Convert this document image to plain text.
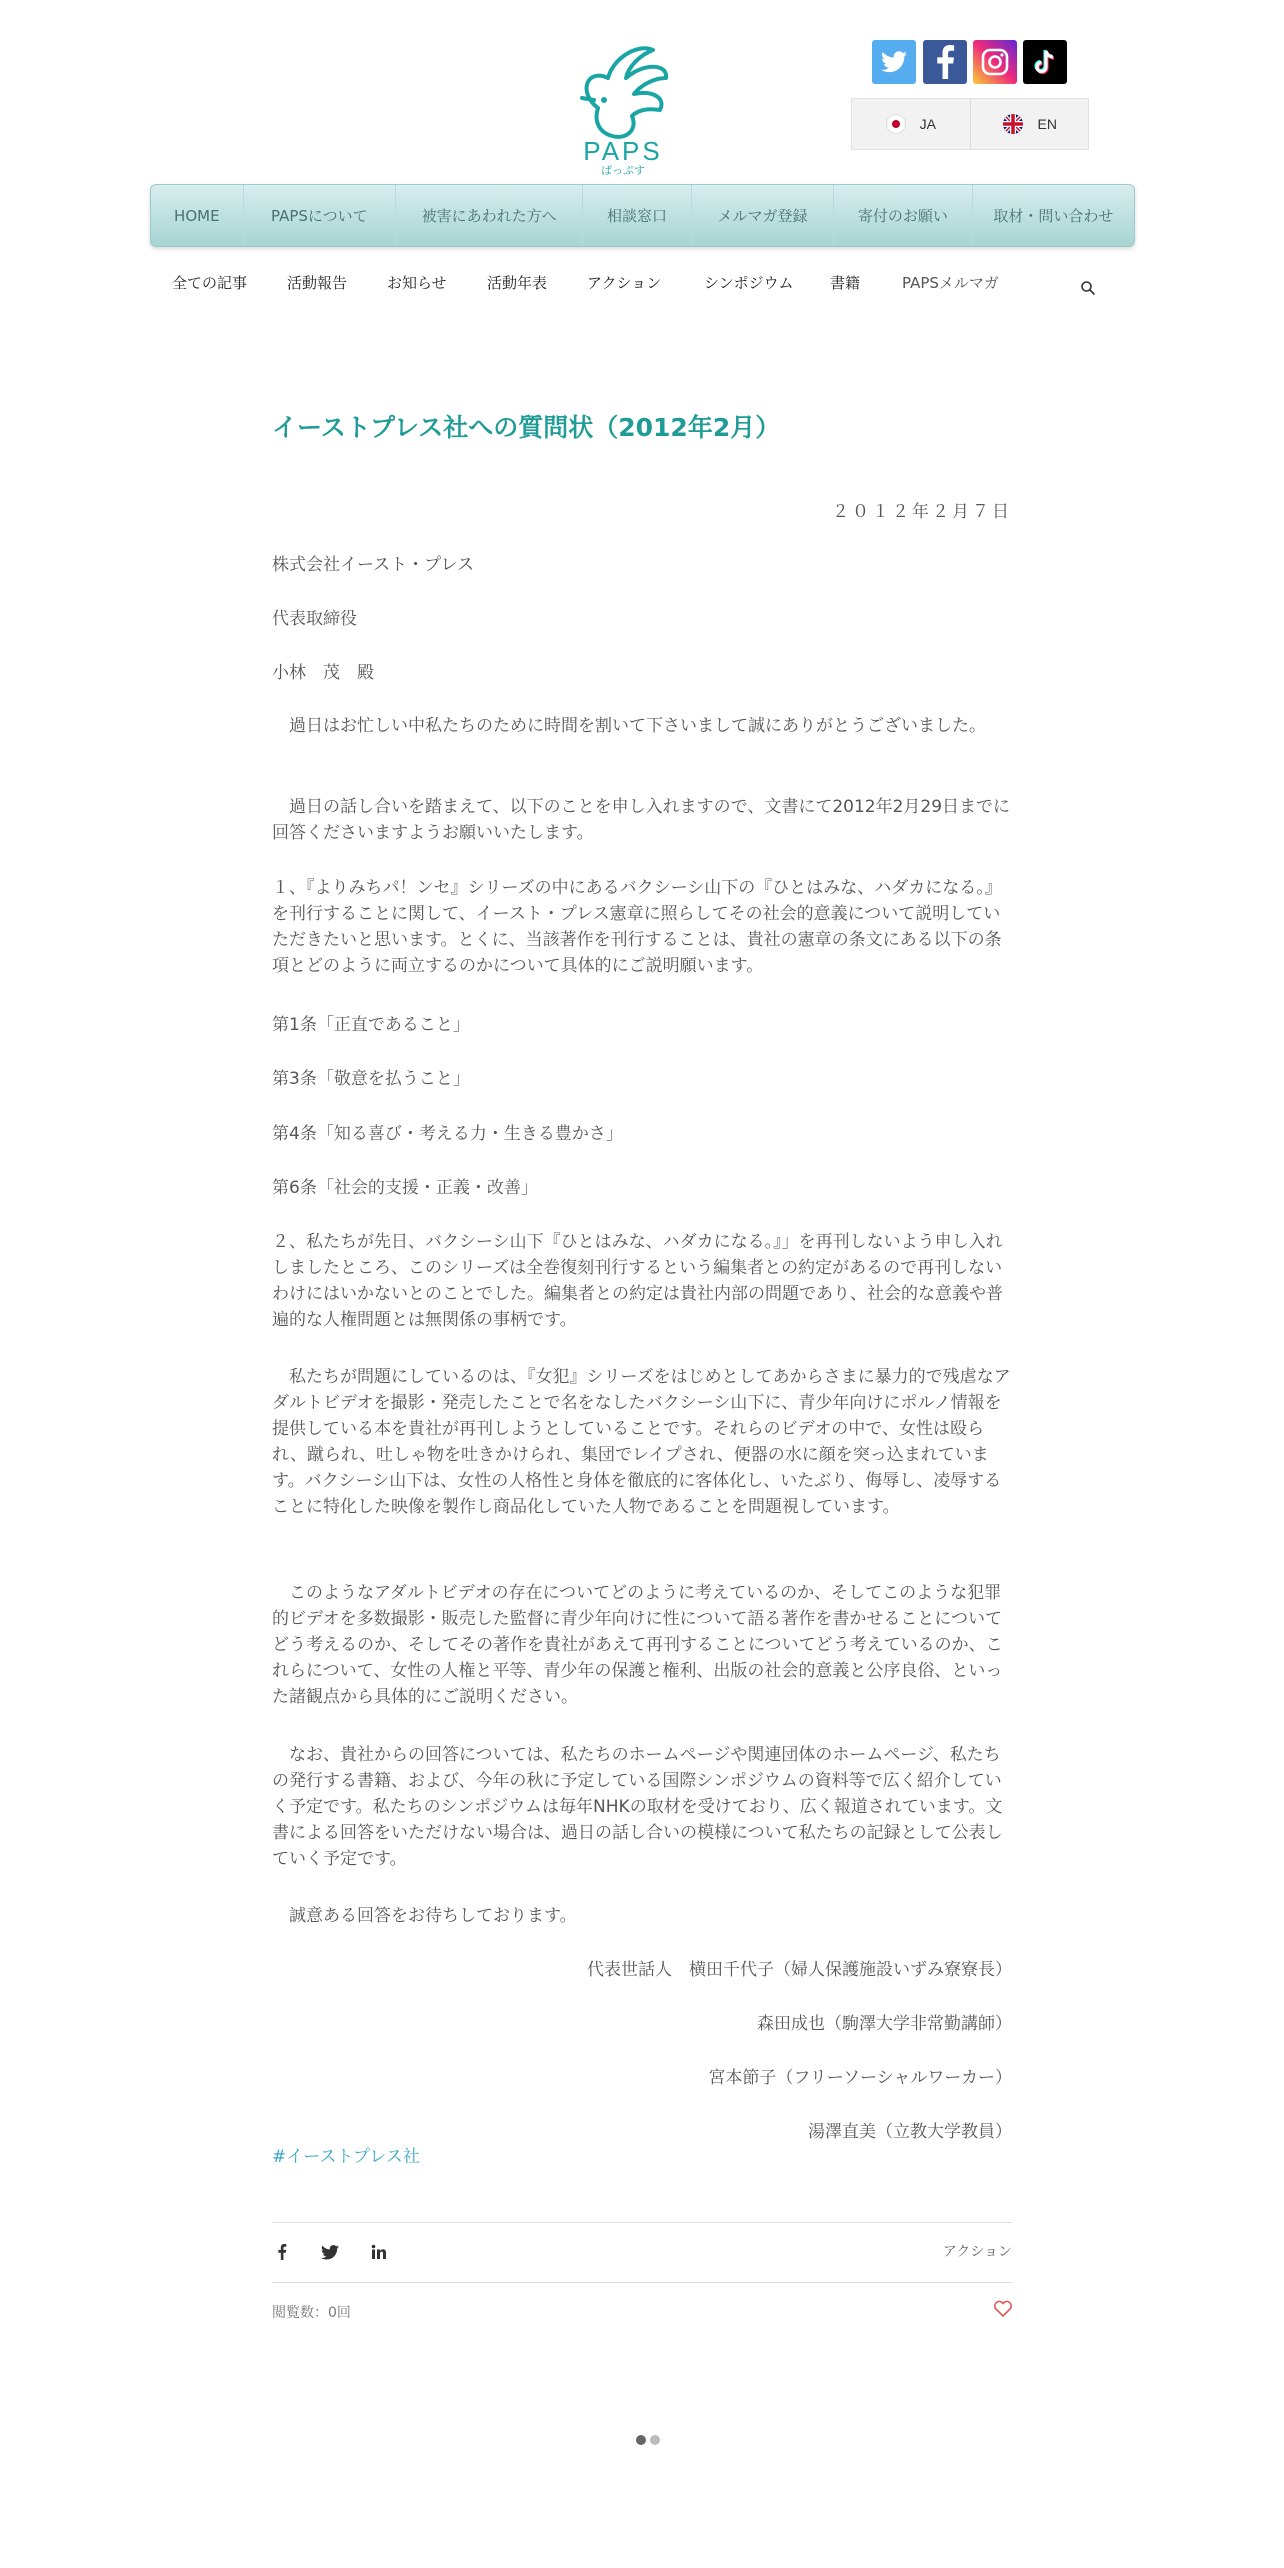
PAPS
ぱっぷす
JA	EN
HOME	PAPSについて	被害にあわれた方へ	相談窓口	メルマガ登録	寄付のお願い	取材・問い合わせ
全ての記事	活動報告	お知らせ	活動年表	アクション	シンポジウム 書籍	PAPSメルマガ
イーストプレス社への質問状（2012年2月）
２０１２年２月７日

株式会社イースト・プレス

代表取締役

小林　茂　殿

　過日はお忙しい中私たちのために時間を割いて下さいまして誠にありがとうございました。

　過日の話し合いを踏まえて、以下のことを申し入れますので、文書にて2012年2月29日までに回答くださいますようお願いいたします。

１、『よりみちパ！ンセ』シリーズの中にあるバクシーシ山下の『ひとはみな、ハダカになる。』を刊行することに関して、イースト・プレス憲章に照らしてその社会的意義について説明していただきたいと思います。とくに、当該著作を刊行することは、貴社の憲章の条文にある以下の条項とどのように両立するのかについて具体的にご説明願います。

第1条「正直であること」

第3条「敬意を払うこと」

第4条「知る喜び・考える力・生きる豊かさ」

第6条「社会的支援・正義・改善」

２、私たちが先日、バクシーシ山下『ひとはみな、ハダカになる。』」を再刊しないよう申し入れしましたところ、このシリーズは全巻復刻刊行するという編集者との約定があるので再刊しないわけにはいかないとのことでした。編集者との約定は貴社内部の問題であり、社会的な意義や普遍的な人権問題とは無関係の事柄です。

　私たちが問題にしているのは、『女犯』シリーズをはじめとしてあからさまに暴力的で残虐なアダルトビデオを撮影・発売したことで名をなしたバクシーシ山下に、青少年向けにポルノ情報を提供している本を貴社が再刊しようとしていることです。それらのビデオの中で、女性は殴られ、蹴られ、吐しゃ物を吐きかけられ、集団でレイプされ、便器の水に顔を突っ込まれています。バクシーシ山下は、女性の人格性と身体を徹底的に客体化し、いたぶり、侮辱し、凌辱することに特化した映像を製作し商品化していた人物であることを問題視しています。

　このようなアダルトビデオの存在についてどのように考えているのか、そしてこのような犯罪的ビデオを多数撮影・販売した監督に青少年向けに性について語る著作を書かせることについてどう考えるのか、そしてその著作を貴社があえて再刊することについてどう考えているのか、これらについて、女性の人権と平等、青少年の保護と権利、出版の社会的意義と公序良俗、といった諸観点から具体的にご説明ください。

　なお、貴社からの回答については、私たちのホームページや関連団体のホームページ、私たちの発行する書籍、および、今年の秋に予定している国際シンポジウムの資料等で広く紹介していく予定です。私たちのシンポジウムは毎年NHKの取材を受けており、広く報道されています。文書による回答をいただけない場合は、過日の話し合いの模様について私たちの記録として公表していく予定です。

　誠意ある回答をお待ちしております。

代表世話人　横田千代子（婦人保護施設いずみ寮寮長）

森田成也（駒澤大学非常勤講師）

宮本節子（フリーソーシャルワーカー）

湯澤直美（立教大学教員）

#イーストプレス社
アクション
閲覧数：0回
